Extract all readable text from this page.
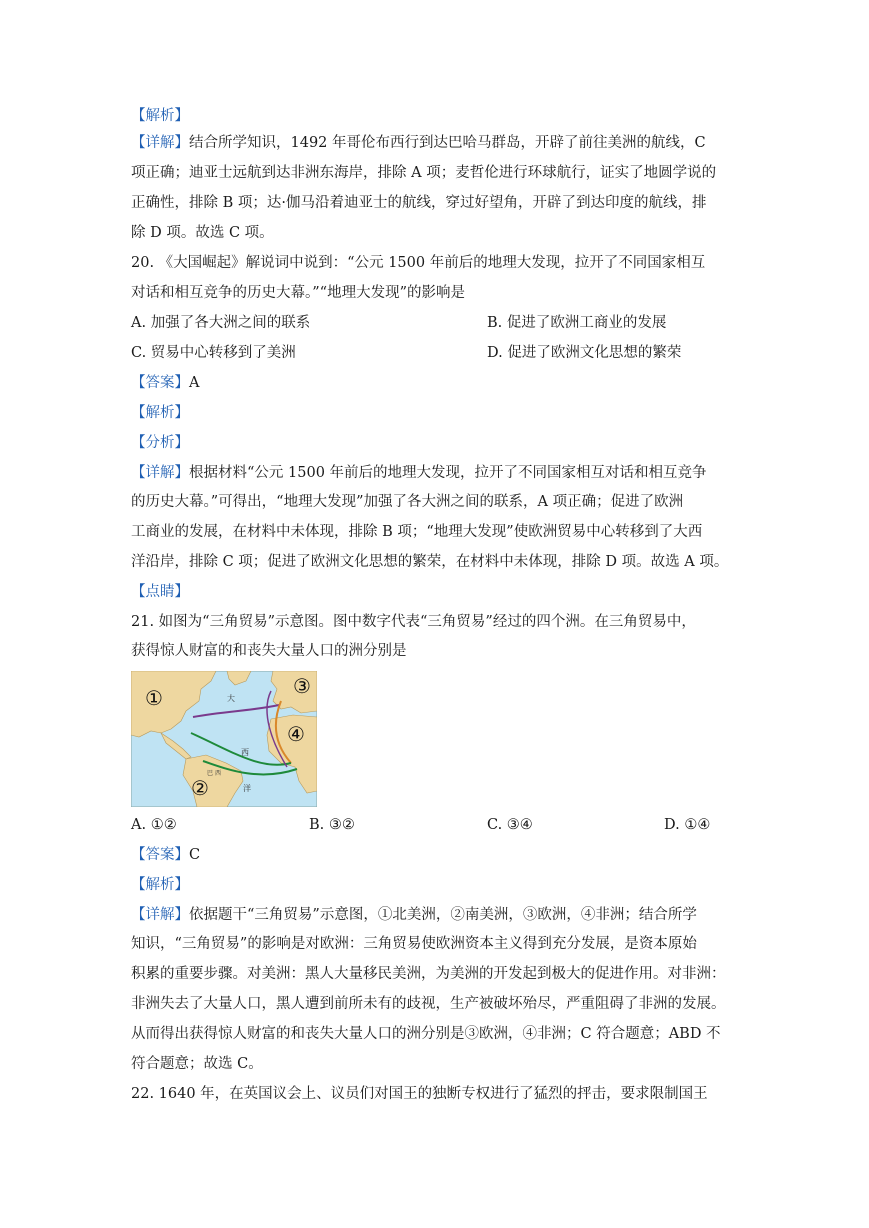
【解析】
【详解】结合所学知识，1492 年哥伦布西行到达巴哈马群岛，开辟了前往美洲的航线，C
项正确；迪亚士远航到达非洲东海岸，排除 A 项；麦哲伦进行环球航行，证实了地圆学说的
正确性，排除 B 项；达·伽马沿着迪亚士的航线，穿过好望角，开辟了到达印度的航线，排
除 D 项。故选 C 项。
20. 《大国崛起》解说词中说到：“公元 1500 年前后的地理大发现，拉开了不同国家相互
对话和相互竞争的历史大幕。”“地理大发现”的影响是
A. 加强了各大洲之间的联系	B. 促进了欧洲工商业的发展
C. 贸易中心转移到了美洲	D. 促进了欧洲文化思想的繁荣
【答案】A
【解析】
【分析】
【详解】根据材料“公元 1500 年前后的地理大发现，拉开了不同国家相互对话和相互竞争
的历史大幕。”可得出，“地理大发现”加强了各大洲之间的联系，A 项正确；促进了欧洲
工商业的发展，在材料中未体现，排除 B 项；“地理大发现”使欧洲贸易中心转移到了大西
洋沿岸，排除 C 项；促进了欧洲文化思想的繁荣，在材料中未体现，排除 D 项。故选 A 项。
【点睛】
21. 如图为“三角贸易”示意图。图中数字代表“三角贸易”经过的四个洲。在三角贸易中，
获得惊人财富的和丧失大量人口的洲分别是
①
②
③
④
大
西
洋
巴 西
A. ①②	B. ③②	C. ③④	D. ①④
【答案】C
【解析】
【详解】依据题干“三角贸易”示意图，①北美洲，②南美洲，③欧洲，④非洲；结合所学
知识，“三角贸易”的影响是对欧洲：三角贸易使欧洲资本主义得到充分发展，是资本原始
积累的重要步骤。对美洲：黑人大量移民美洲，为美洲的开发起到极大的促进作用。对非洲：
非洲失去了大量人口，黑人遭到前所未有的歧视，生产被破坏殆尽，严重阻碍了非洲的发展。
从而得出获得惊人财富的和丧失大量人口的洲分别是③欧洲，④非洲；C 符合题意；ABD 不
符合题意；故选 C。
22. 1640 年，在英国议会上、议员们对国王的独断专权进行了猛烈的抨击，要求限制国王
